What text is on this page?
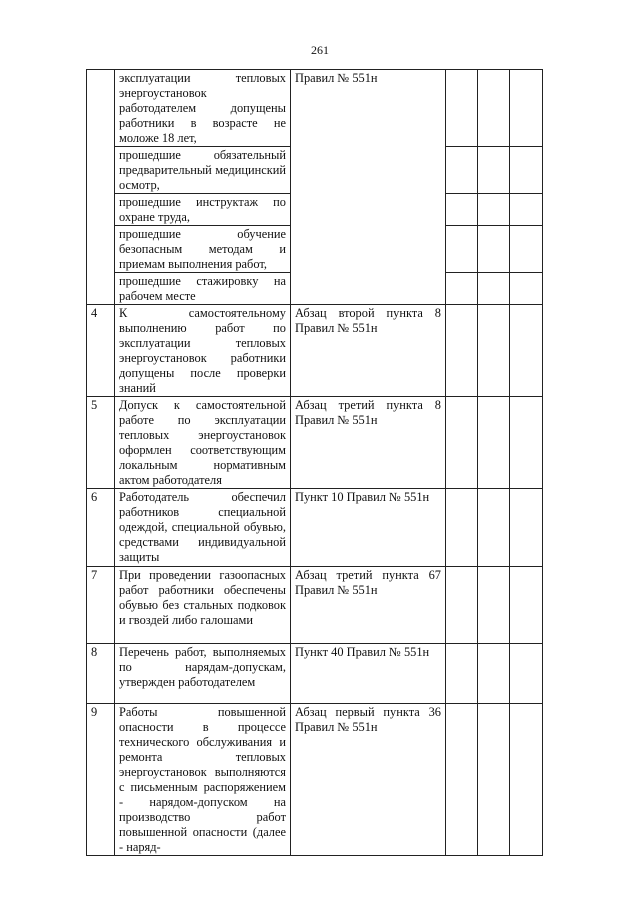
261
	эксплуатации тепловых энергоустановок работодателем допущены работники в возрасте не моложе 18 лет,	Правил № 551н			
	прошедшие обязательный предварительный медицинский осмотр,				
	прошедшие инструктаж по охране труда,				
	прошедшие обучение безопасным методам и приемам выполнения работ,				
	прошедшие стажировку на рабочем месте				
4	К самостоятельному выполнению работ по эксплуатации тепловых энергоустановок работники допущены после проверки знаний	Абзац второй пункта 8 Правил № 551н			
5	Допуск к самостоятельной работе по эксплуатации тепловых энергоустановок оформлен соответствующим локальным нормативным актом работодателя	Абзац третий пункта 8 Правил № 551н			
6	Работодатель обеспечил работников специальной одеждой, специальной обувью, средствами индивидуальной защиты	Пункт 10 Правил № 551н			
7	При проведении газоопасных работ работники обеспечены обувью без стальных подковок и гвоздей либо галошами	Абзац третий пункта 67 Правил № 551н			
8	Перечень работ, выполняемых по нарядам-допускам, утвержден работодателем	Пункт 40 Правил № 551н			
9	Работы повышенной опасности в процессе технического обслуживания и ремонта тепловых энергоустановок выполняются с письменным распоряжением - нарядом-допуском на производство работ повышенной опасности (далее - наряд-	Абзац первый пункта 36 Правил № 551н			
